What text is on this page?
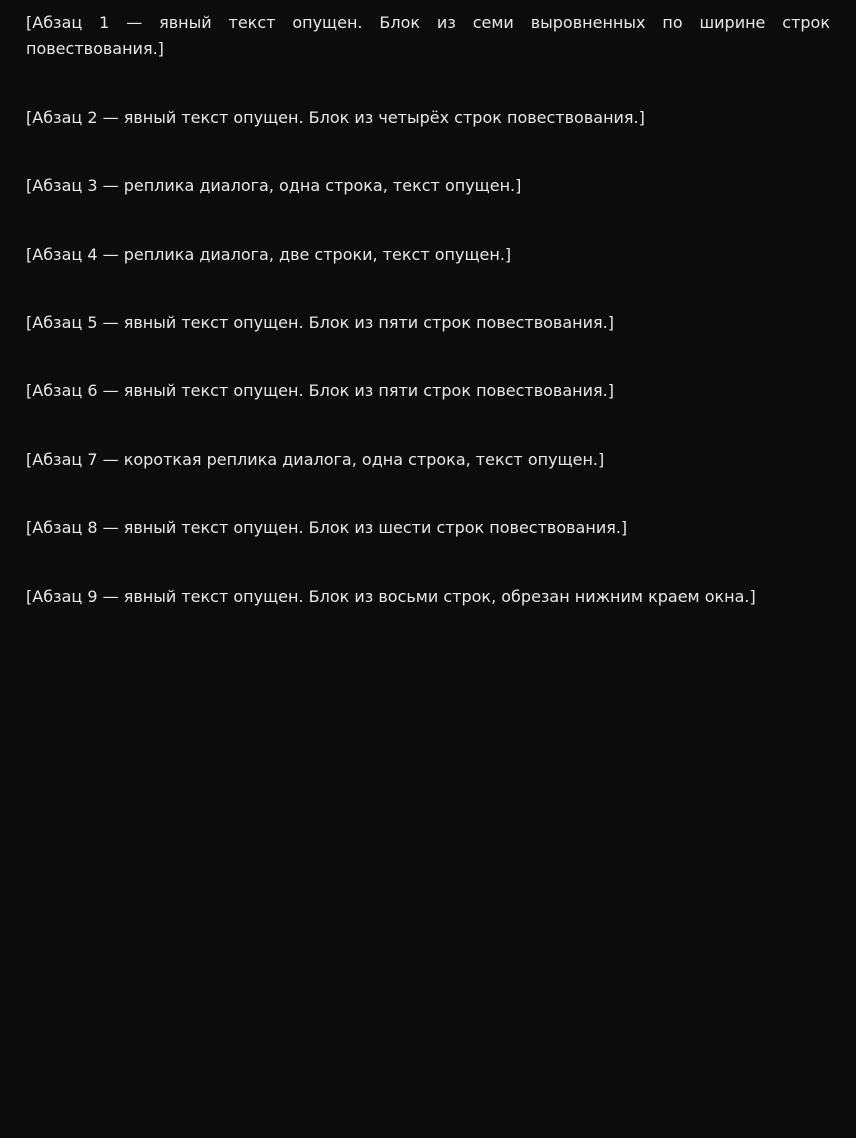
[Абзац 1 — явный текст опущен. Блок из семи выровненных по ширине строк повествования.]

[Абзац 2 — явный текст опущен. Блок из четырёх строк повествования.]

[Абзац 3 — реплика диалога, одна строка, текст опущен.]

[Абзац 4 — реплика диалога, две строки, текст опущен.]

[Абзац 5 — явный текст опущен. Блок из пяти строк повествования.]

[Абзац 6 — явный текст опущен. Блок из пяти строк повествования.]

[Абзац 7 — короткая реплика диалога, одна строка, текст опущен.]

[Абзац 8 — явный текст опущен. Блок из шести строк повествования.]

[Абзац 9 — явный текст опущен. Блок из восьми строк, обрезан нижним краем окна.]
